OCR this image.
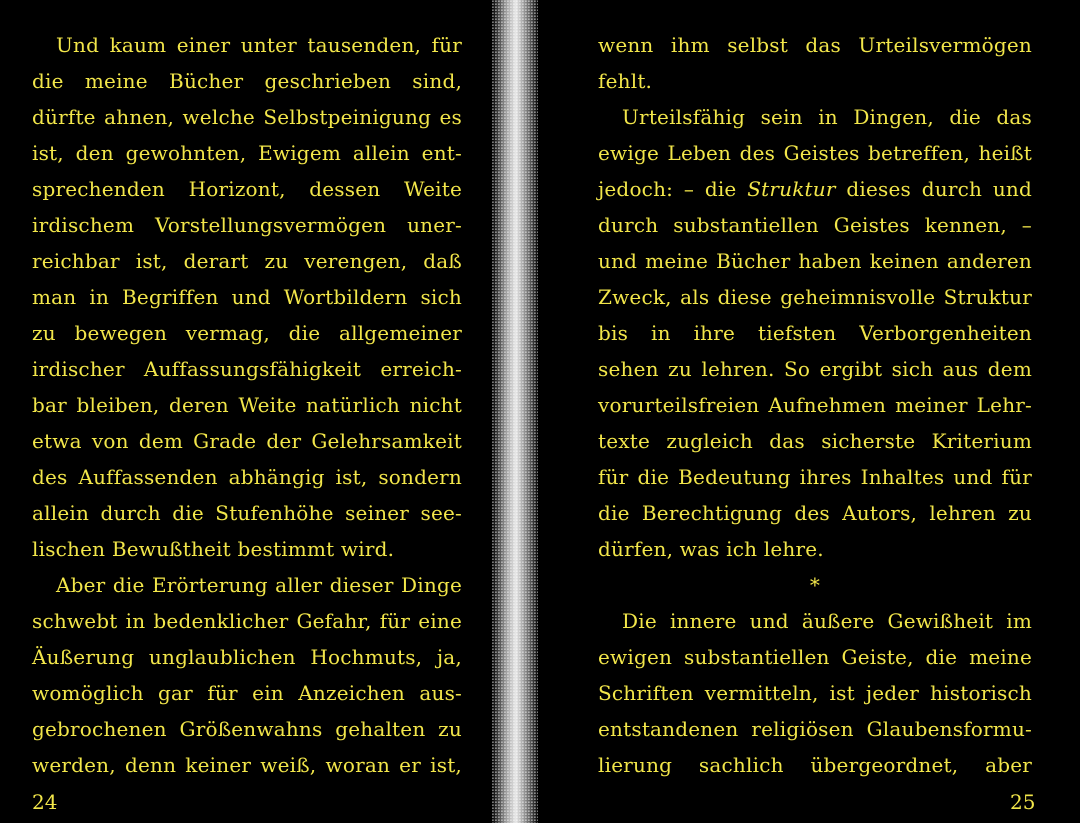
Und kaum einer unter tausenden, für
die meine Bücher geschrieben sind,
dürfte ahnen, welche Selbstpeinigung es
ist, den gewohnten, Ewigem allein ent-
sprechenden Horizont, dessen Weite
irdischem Vorstellungsvermögen uner-
reichbar ist, derart zu verengen, daß
man in Begriffen und Wortbildern sich
zu bewegen vermag, die allgemeiner
irdischer Auffassungsfähigkeit erreich-
bar bleiben, deren Weite natürlich nicht
etwa von dem Grade der Gelehrsamkeit
des Auffassenden abhängig ist, sondern
allein durch die Stufenhöhe seiner see-
lischen Bewußtheit bestimmt wird.
Aber die Erörterung aller dieser Dinge
schwebt in bedenklicher Gefahr, für eine
Äußerung unglaublichen Hochmuts, ja,
womöglich gar für ein Anzeichen aus-
gebrochenen Größenwahns gehalten zu
werden, denn keiner weiß, woran er ist,
24
wenn ihm selbst das Urteilsvermögen
fehlt.
Urteilsfähig sein in Dingen, die das
ewige Leben des Geistes betreffen, heißt
jedoch: – die Struktur dieses durch und
durch substantiellen Geistes kennen, –
und meine Bücher haben keinen anderen
Zweck, als diese geheimnisvolle Struktur
bis in ihre tiefsten Verborgenheiten
sehen zu lehren. So ergibt sich aus dem
vorurteilsfreien Aufnehmen meiner Lehr-
texte zugleich das sicherste Kriterium
für die Bedeutung ihres Inhaltes und für
die Berechtigung des Autors, lehren zu
dürfen, was ich lehre.
*
Die innere und äußere Gewißheit im
ewigen substantiellen Geiste, die meine
Schriften vermitteln, ist jeder historisch
entstandenen religiösen Glaubensformu-
lierung sachlich übergeordnet, aber
25
